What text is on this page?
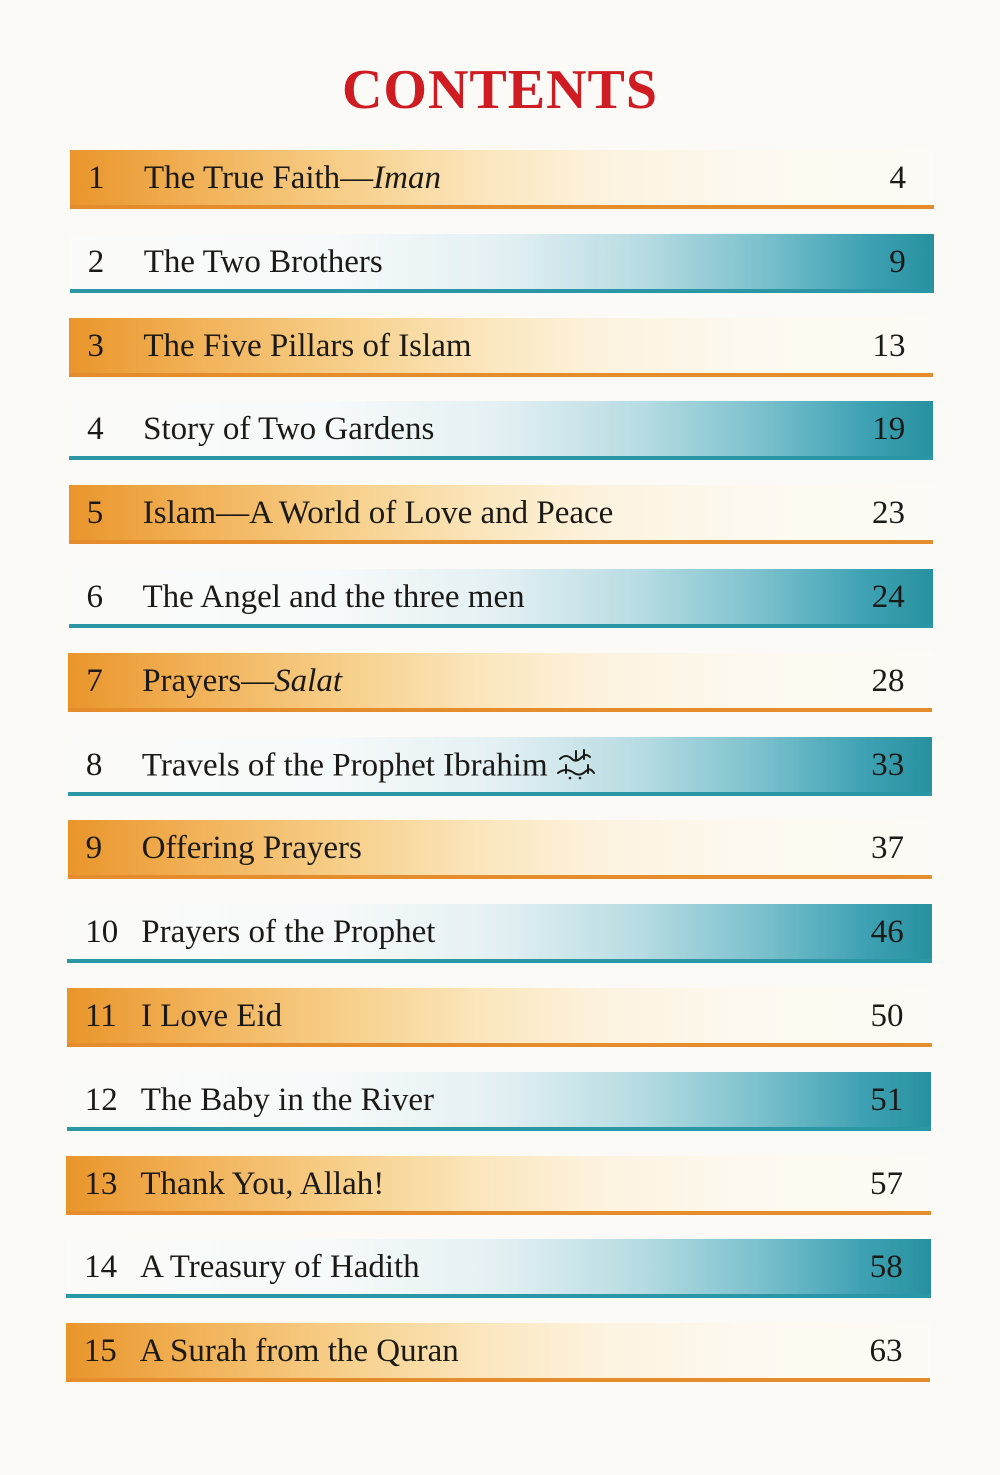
CONTENTS
1 The True Faith—Iman	4
2 The Two Brothers	9
3 The Five Pillars of Islam	13
4 Story of Two Gardens	19
5 Islam—A World of Love and Peace	23
6 The Angel and the three men	24
7 Prayers—Salat	28
8 Travels of the Prophet Ibrahim	33
9 Offering Prayers	37
10 Prayers of the Prophet	46
11 I Love Eid	50
12 The Baby in the River	51
13 Thank You, Allah!	57
14 A Treasury of Hadith	58
15 A Surah from the Quran	63
